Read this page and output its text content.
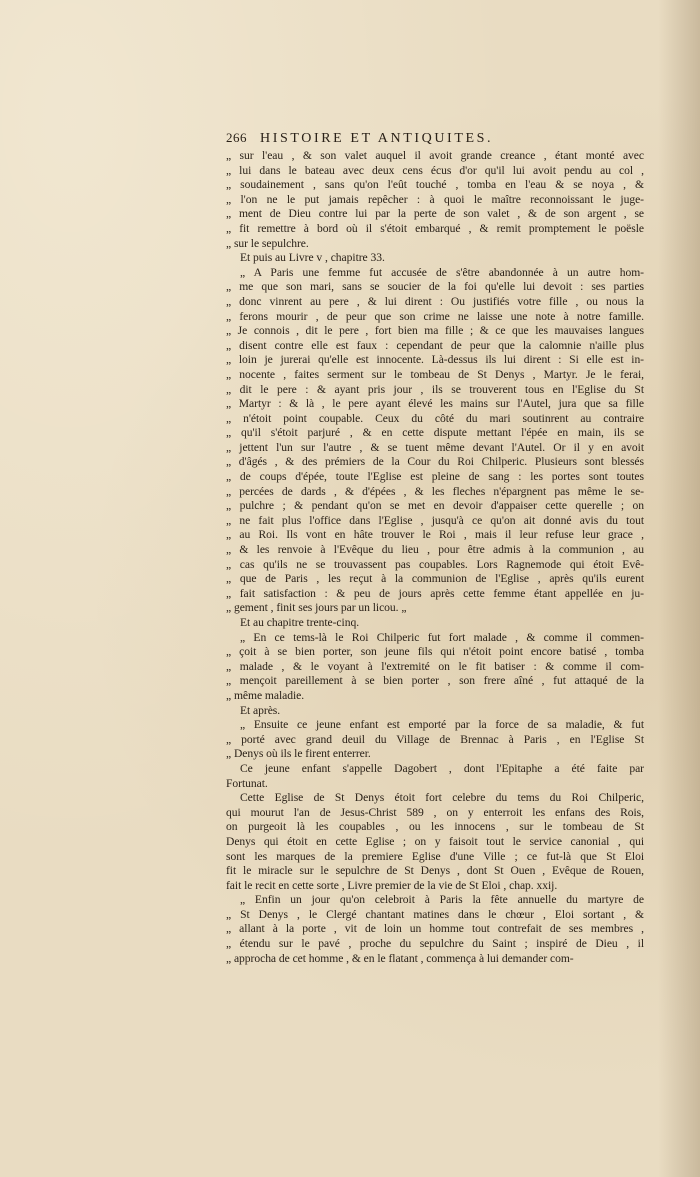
266 HISTOIRE ET ANTIQUITES.
„ sur l'eau , & son valet auquel il avoit grande creance , étant monté avec
„ lui dans le bateau avec deux cens écus d'or qu'il lui avoit pendu au col ,
„ soudainement , sans qu'on l'eût touché , tomba en l'eau & se noya , &
„ l'on ne le put jamais repêcher : à quoi le maître reconnoissant le juge-
„ ment de Dieu contre lui par la perte de son valet , & de son argent , se
„ fit remettre à bord où il s'étoit embarqué , & remit promptement le poësle
„ sur le sepulchre.
Et puis au Livre v , chapitre 33.
„ A Paris une femme fut accusée de s'être abandonnée à un autre hom-
„ me que son mari, sans se soucier de la foi qu'elle lui devoit : ses parties
„ donc vinrent au pere , & lui dirent : Ou justifiés votre fille , ou nous la
„ ferons mourir , de peur que son crime ne laisse une note à notre famille.
„ Je connois , dit le pere , fort bien ma fille ; & ce que les mauvaises langues
„ disent contre elle est faux : cependant de peur que la calomnie n'aille plus
„ loin je jurerai qu'elle est innocente. Là-dessus ils lui dirent : Si elle est in-
„ nocente , faites serment sur le tombeau de St Denys , Martyr. Je le ferai,
„ dit le pere : & ayant pris jour , ils se trouverent tous en l'Eglise du St
„ Martyr : & là , le pere ayant élevé les mains sur l'Autel, jura que sa fille
„ n'étoit point coupable. Ceux du côté du mari soutinrent au contraire
„ qu'il s'étoit parjuré , & en cette dispute mettant l'épée en main, ils se
„ jettent l'un sur l'autre , & se tuent même devant l'Autel. Or il y en avoit
„ d'âgés , & des prémiers de la Cour du Roi Chilperic. Plusieurs sont blessés
„ de coups d'épée, toute l'Eglise est pleine de sang : les portes sont toutes
„ percées de dards , & d'épées , & les fleches n'épargnent pas même le se-
„ pulchre ; & pendant qu'on se met en devoir d'appaiser cette querelle ; on
„ ne fait plus l'office dans l'Eglise , jusqu'à ce qu'on ait donné avis du tout
„ au Roi. Ils vont en hâte trouver le Roi , mais il leur refuse leur grace ,
„ & les renvoie à l'Evêque du lieu , pour être admis à la communion , au
„ cas qu'ils ne se trouvassent pas coupables. Lors Ragnemode qui étoit Evê-
„ que de Paris , les reçut à la communion de l'Eglise , après qu'ils eurent
„ fait satisfaction : & peu de jours après cette femme étant appellée en ju-
„ gement , finit ses jours par un licou. „
Et au chapitre trente-cinq.
„ En ce tems-là le Roi Chilperic fut fort malade , & comme il commen-
„ çoit à se bien porter, son jeune fils qui n'étoit point encore batisé , tomba
„ malade , & le voyant à l'extremité on le fit batiser : & comme il com-
„ mençoit pareillement à se bien porter , son frere aîné , fut attaqué de la
„ même maladie.
Et après.
„ Ensuite ce jeune enfant est emporté par la force de sa maladie, & fut
„ porté avec grand deuil du Village de Brennac à Paris , en l'Eglise St
„ Denys où ils le firent enterrer.
Ce jeune enfant s'appelle Dagobert , dont l'Epitaphe a été faite par
Fortunat.
Cette Eglise de St Denys étoit fort celebre du tems du Roi Chilperic,
qui mourut l'an de Jesus-Christ 589 , on y enterroit les enfans des Rois,
on purgeoit là les coupables , ou les innocens , sur le tombeau de St
Denys qui étoit en cette Eglise ; on y faisoit tout le service canonial , qui
sont les marques de la premiere Eglise d'une Ville ; ce fut-là que St Eloi
fit le miracle sur le sepulchre de St Denys , dont St Ouen , Evêque de Rouen,
fait le recit en cette sorte , Livre premier de la vie de St Eloi , chap. xxij.
„ Enfin un jour qu'on celebroit à Paris la fête annuelle du martyre de
„ St Denys , le Clergé chantant matines dans le chœur , Eloi sortant , &
„ allant à la porte , vit de loin un homme tout contrefait de ses membres ,
„ étendu sur le pavé , proche du sepulchre du Saint ; inspiré de Dieu , il
„ approcha de cet homme , & en le flatant , commença à lui demander com-
